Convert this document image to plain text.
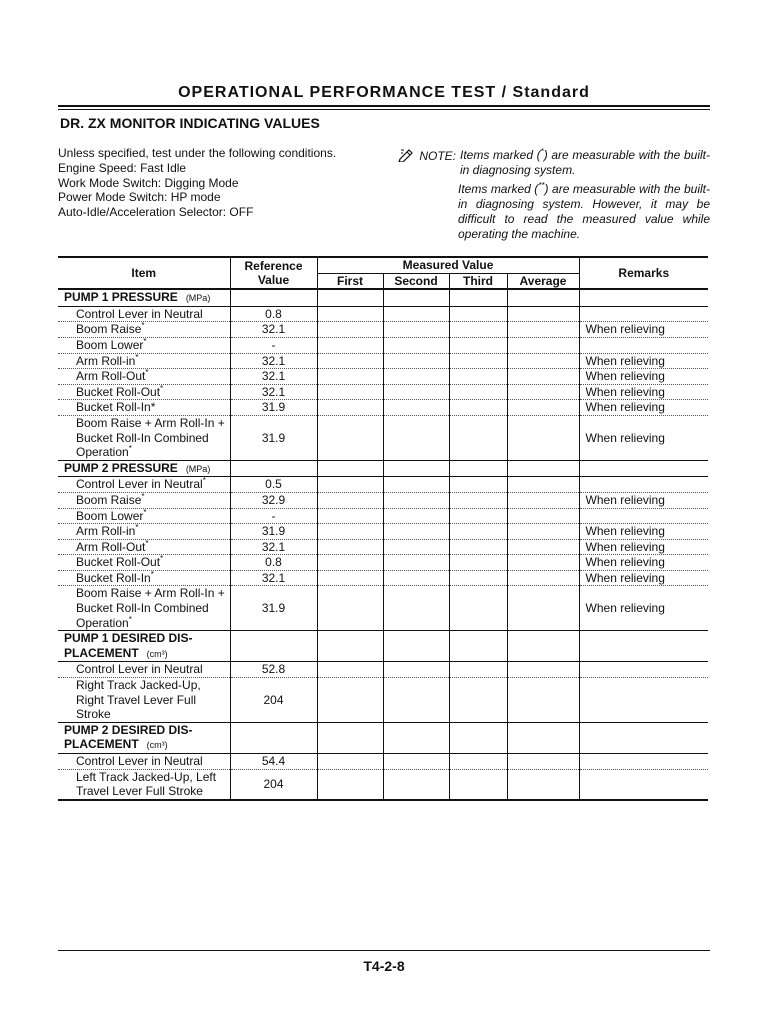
OPERATIONAL PERFORMANCE TEST / Standard
DR. ZX MONITOR INDICATING VALUES
Unless specified, test under the following conditions.
Engine Speed: Fast Idle
Work Mode Switch: Digging Mode
Power Mode Switch: HP mode
Auto-Idle/Acceleration Selector: OFF
NOTE: Items marked (*) are measurable with the built-in diagnosing system.
Items marked (**) are measurable with the built-in diagnosing system. However, it may be difficult to read the measured value while operating the machine.
Item	Reference Value	Measured Value				Remarks
		First	Second	Third	Average	
PUMP 1 PRESSURE (MPa)						
Control Lever in Neutral	0.8					
Boom Raise*	32.1					When relieving
Boom Lower*	-					
Arm Roll-in*	32.1					When relieving
Arm Roll-Out*	32.1					When relieving
Bucket Roll-Out*	32.1					When relieving
Bucket Roll-In*	31.9					When relieving
Boom Raise + Arm Roll-In + Bucket Roll-In Combined Operation*	31.9					When relieving
PUMP 2 PRESSURE (MPa)						
Control Lever in Neutral*	0.5					
Boom Raise*	32.9					When relieving
Boom Lower*	-					
Arm Roll-in*	31.9					When relieving
Arm Roll-Out*	32.1					When relieving
Bucket Roll-Out*	0.8					When relieving
Bucket Roll-In*	32.1					When relieving
Boom Raise + Arm Roll-In + Bucket Roll-In Combined Operation*	31.9					When relieving
PUMP 1 DESIRED DIS- PLACEMENT (cm³)						
Control Lever in Neutral	52.8					
Right Track Jacked-Up, Right Travel Lever Full Stroke	204					
PUMP 2 DESIRED DIS- PLACEMENT (cm³)						
Control Lever in Neutral	54.4					
Left Track Jacked-Up, Left Travel Lever Full Stroke	204					
T4-2-8
